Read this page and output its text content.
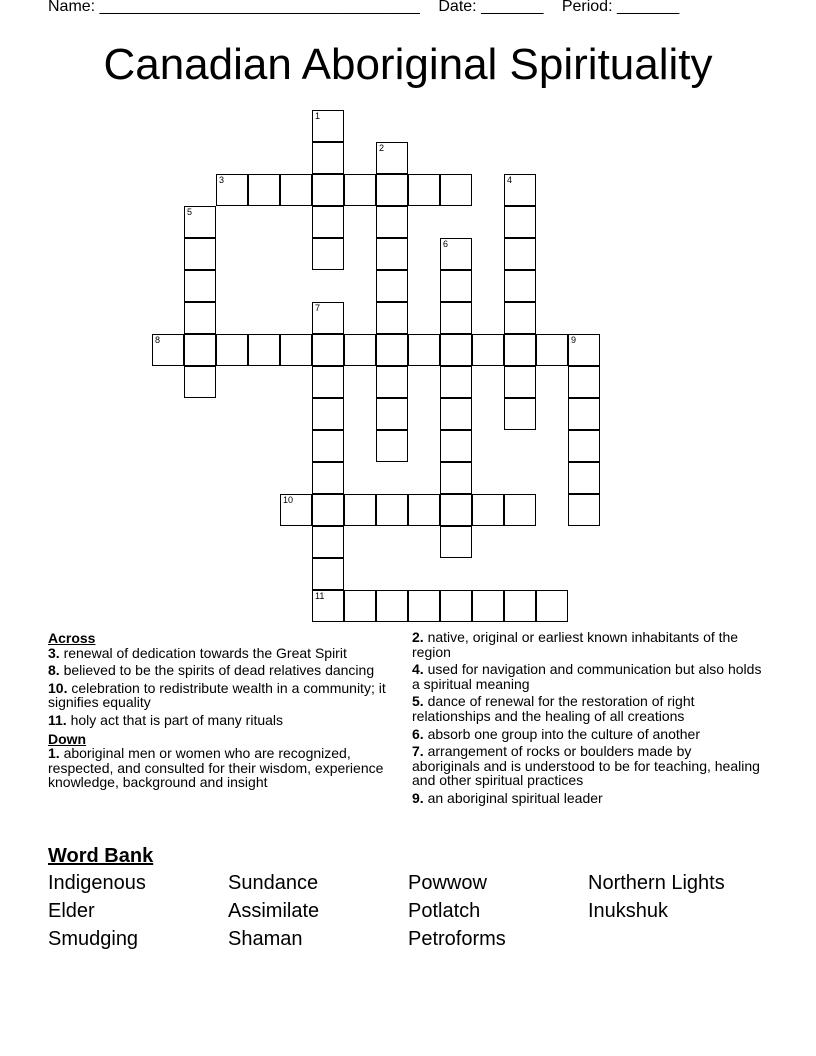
Name: ____________________________________ Date: _______ Period: _______
Canadian Aboriginal Spirituality
3
8	9
10
11
1
2
4
5
6
7

Across

3. renewal of dedication towards the Great Spirit

8. believed to be the spirits of dead relatives dancing

10. celebration to redistribute wealth in a community; it signifies equality

11. holy act that is part of many rituals

Down

1. aboriginal men or women who are recognized, respected, and consulted for their wisdom, experience knowledge, background and insight

2. native, original or earliest known inhabitants of the region

4. used for navigation and communication but also holds a spiritual meaning

5. dance of renewal for the restoration of right relationships and the healing of all creations

6. absorb one group into the culture of another

7. arrangement of rocks or boulders made by aboriginals and is understood to be for teaching, healing and other spiritual practices

9. an aboriginal spiritual leader

Word Bank
Indigenous	Sundance	Powwow	Northern Lights
Elder	Assimilate	Potlatch	Inukshuk
Smudging	Shaman	Petroforms
